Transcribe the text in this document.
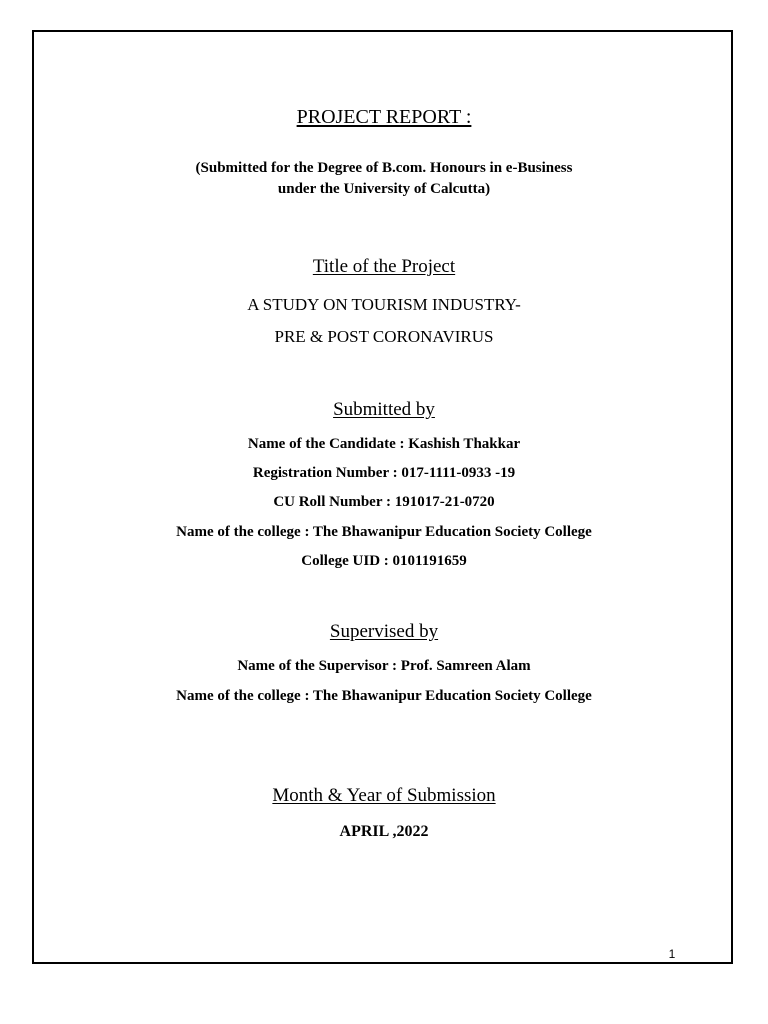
PROJECT REPORT :
(Submitted for the Degree of B.com. Honours in e-Business
under the University of Calcutta)
Title of the Project
A STUDY ON TOURISM INDUSTRY-
PRE & POST CORONAVIRUS
Submitted by
Name of the Candidate : Kashish Thakkar
Registration Number : 017-1111-0933 -19
CU Roll Number : 191017-21-0720
Name of the college : The Bhawanipur Education Society College
College UID : 0101191659
Supervised by
Name of the Supervisor : Prof. Samreen Alam
Name of the college : The Bhawanipur Education Society College
Month & Year of Submission
APRIL ,2022
1
